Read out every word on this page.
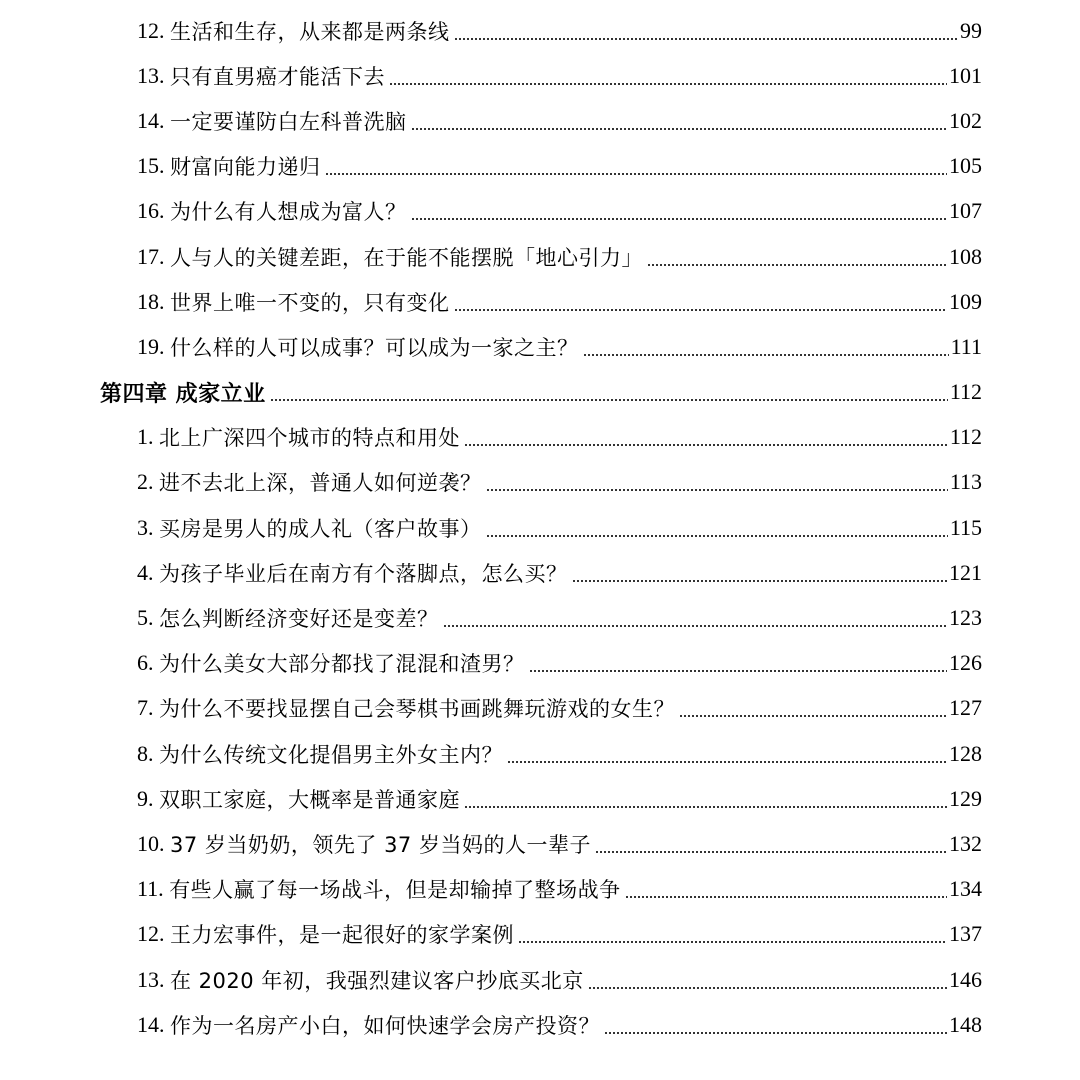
12. 生活和生存，从来都是两条线	99
13. 只有直男癌才能活下去	101
14. 一定要谨防白左科普洗脑	102
15. 财富向能力递归	105
16. 为什么有人想成为富人？	107
17. 人与人的关键差距，在于能不能摆脱「地心引力」	108
18. 世界上唯一不变的，只有变化	109
19. 什么样的人可以成事？可以成为一家之主？	111
第四章 成家立业	112
1. 北上广深四个城市的特点和用处	112
2. 进不去北上深，普通人如何逆袭？	113
3. 买房是男人的成人礼（客户故事）	115
4. 为孩子毕业后在南方有个落脚点，怎么买？	121
5. 怎么判断经济变好还是变差？	123
6. 为什么美女大部分都找了混混和渣男？	126
7. 为什么不要找显摆自己会琴棋书画跳舞玩游戏的女生？	127
8. 为什么传统文化提倡男主外女主内？	128
9. 双职工家庭，大概率是普通家庭	129
10. 37 岁当奶奶，领先了 37 岁当妈的人一辈子	132
11. 有些人赢了每一场战斗，但是却输掉了整场战争	134
12. 王力宏事件，是一起很好的家学案例	137
13. 在 2020 年初，我强烈建议客户抄底买北京	146
14. 作为一名房产小白，如何快速学会房产投资？	148
